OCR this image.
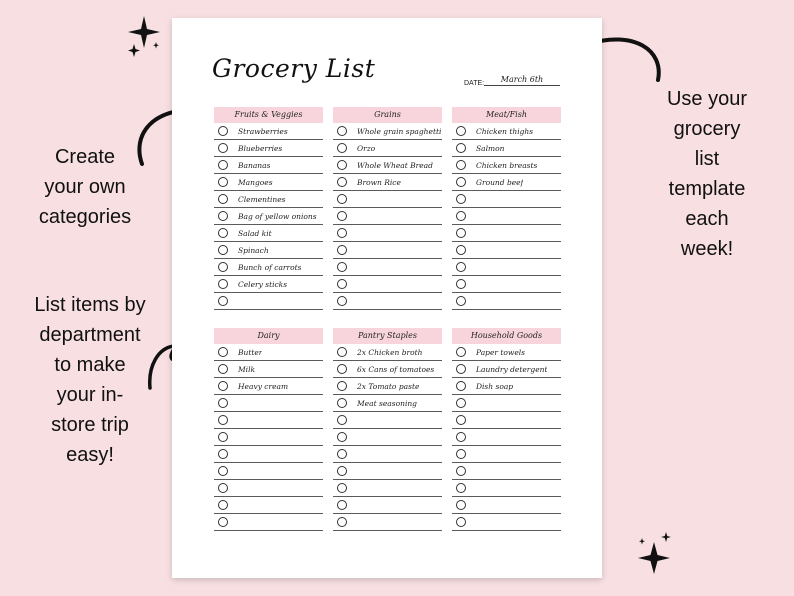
Create
your own
categories
List items by
department
to make
your in-
store trip
easy!
Use your
grocery
list
template
each
week!
Grocery List
DATE:	March 6th
Fruits & Veggies
Strawberries
Blueberries
Bananas
Mangoes
Clementines
Bag of yellow onions
Salad kit
Spinach
Bunch of carrots
Celery sticks
Grains
Whole grain spaghetti
Orzo
Whole Wheat Bread
Brown Rice
Meat/Fish
Chicken thighs
Salmon
Chicken breasts
Ground beef
Dairy
Butter
Milk
Heavy cream
Pantry Staples
2x Chicken broth
6x Cans of tomatoes
2x Tomato paste
Meat seasoning
Household Goods
Paper towels
Laundry detergent
Dish soap
